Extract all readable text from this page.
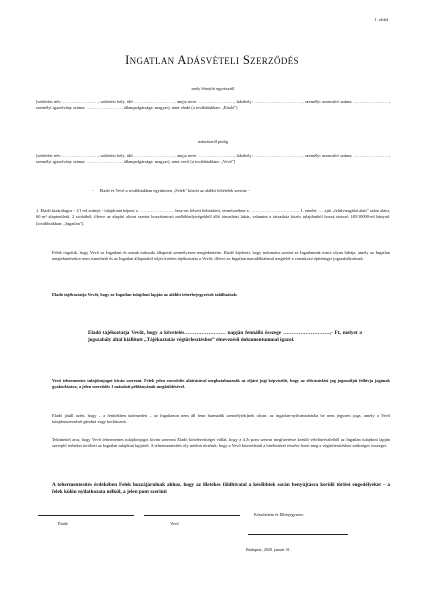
1. oldal
Ingatlan Adásvételi Szerződés
mely létrejött egyrészről
(születési név: ……………………, születési hely, idő: ………………………, anyja neve: ……………………, lakóhely: ……………………………, személyi azonosító száma: ……………………, személyi igazolvány száma: ……………………, állampolgársága: magyar), mint eladó (a továbbiakban: „Eladó”)
másrészről pedig
(születési név: ……………………, születési hely, idő: ………………………, anyja neve: ……………………, lakóhely: ……………………………, személyi azonosító száma: ……………………, személyi igazolvány száma: ……………………, állampolgársága: magyar), mint vevő (a továbbiakban: „Vevő”)
- Eladó és Vevő a továbbiakban együttesen „Felek” között az alábbi feltételek szerint: -
1. Eladó kizárólagos - 1/1-ed arányú - tulajdonát képezi a …………………… hrsz-on felvett belterületi, természetben a ……………………………. 1. emelet …. ajtó „felülvizsgálat alatt” szám alatti, 60 m² alapterületű, 2 szobából, illetve az alapító okirat szerint hozzátartozó mellékhelyiségekből álló társasházi lakás, valamint a társasház közös tulajdonból hozzá tartozó 149/10000-ed hányad. (továbbiakban: „Ingatlan”).
Felek rögzítik, hogy Vevő az Ingatlant és annak műszaki állapotát személyesen megtekintette. Eladó kijelenti, hogy tudomása szerint az Ingatlannak nincs olyan hibája, amely az Ingatlan megtekintésekor nem ismerhető és az Ingatlan állapotától teljes körűen tájékoztatta a Vevőt, illetve az Ingatlan maradéktalanul megfelel a vonatkozó építésügyi jogszabályoknak.
Eladó tájékoztatja Vevőt, hogy az Ingatlan tulajdoni lapján az alábbi teherbejegyzések találhatóak:
Eladó tájékoztatja Vevőt, hogy a követelés…………………… napján fennálló összege ………………………,- Ft, melyet a jogszabály által kiállított „Tájékoztatás végtörlesztéshez” elnevezésű dokumentummal igazol.
Vevő tehermentes tulajdonjogot kíván szerezni. Felek jelen szerződés aláírásával meghatalmazzák az eljáró jogi képviselőt, hogy az elővásárlási jog jogosultját felhívja jogának gyakorlására, a jelen szerződés 1 másolati példányának megküldésével.
Eladó jótáll azért, hogy – a fentiekben üzlemeden – az Ingatlanon nem áll fenn harmadik személy(ek)nek olyan, az ingatlan-nyilvántartásba be nem jegyzett joga, amely a Vevő tulajdonszerzését gátolná vagy korlátozná.
Tekintettel arra, hogy Vevő tehermentes tulajdonjogot kíván szerezni Eladó kötelezettséget vállal, hogy a 4./b pont szerint megfizetésre kerülő vételárrészletből az Ingatlan tulajdoni lapján szereplő terheket törölteti az Ingatlan tulajdoni lapjáról. A tehermentesítés oly módon történik, hogy a Vevő közvetlenül a hitelintézet részére fizeti meg a végtörlesztéshez szükséges összeget.
A tehermentesítés érdekében Felek hozzájárulnak ahhoz, hogy az illetékes földhivatal a későbbiek során benyújtásra kerülő törlési engedélyeket – a felek külön nyilatkozata nélkül, a jelen pont szerinti
Eladó	Vevő
Készítettem és Ellenjegyzem:
Budapest, 2020. január 31.
